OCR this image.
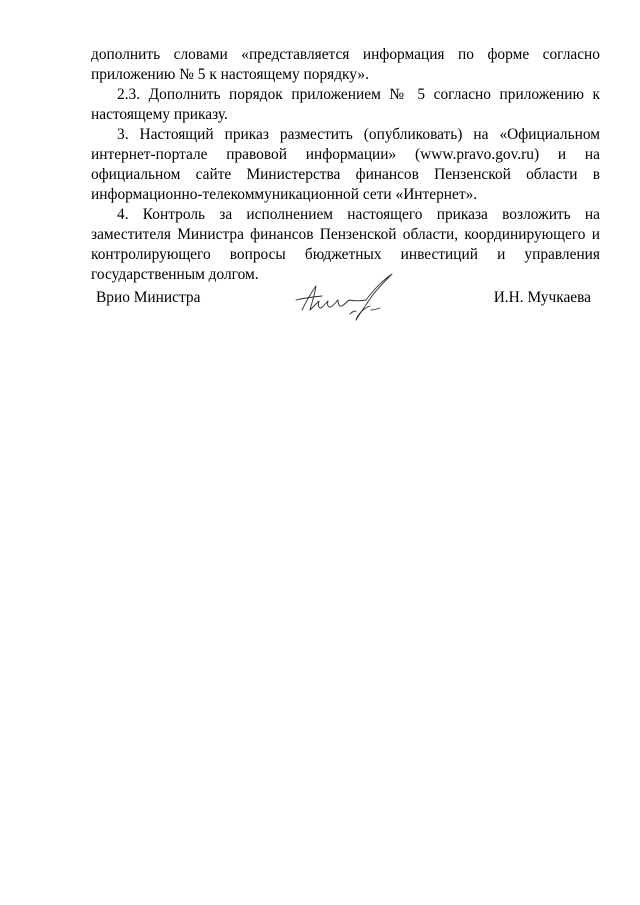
дополнить словами «представляется информация по форме согласно приложению № 5 к настоящему порядку».

2.3. Дополнить порядок приложением № 5 согласно приложению к настоящему приказу.

3. Настоящий приказ разместить (опубликовать) на «Официальном интернет-портале правовой информации» (www.pravo.gov.ru) и на официальном сайте Министерства финансов Пензенской области в информационно-телекоммуникационной сети «Интернет».

4. Контроль за исполнением настоящего приказа возложить на заместителя Министра финансов Пензенской области, координирующего и контролирующего вопросы бюджетных инвестиций и управления государственным долгом.

Врио Министра	И.Н. Мучкаева
